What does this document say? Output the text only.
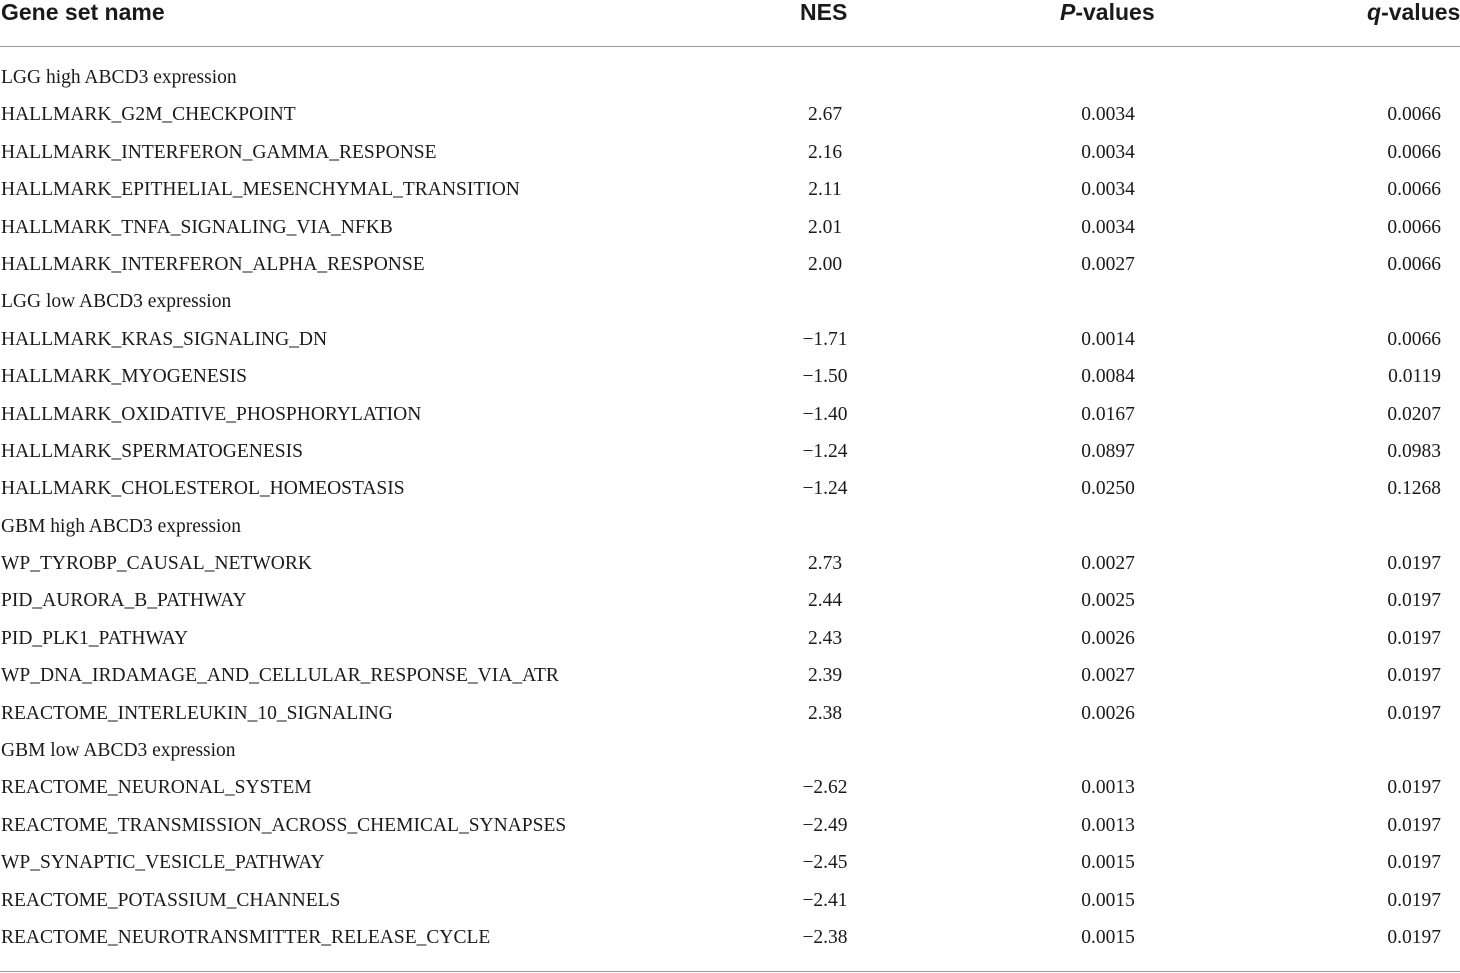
Gene set name	NES	P-values	q-values
LGG high ABCD3 expression
HALLMARK_G2M_CHECKPOINT	2.67	0.0034	0.0066
HALLMARK_INTERFERON_GAMMA_RESPONSE	2.16	0.0034	0.0066
HALLMARK_EPITHELIAL_MESENCHYMAL_TRANSITION	2.11	0.0034	0.0066
HALLMARK_TNFA_SIGNALING_VIA_NFKB	2.01	0.0034	0.0066
HALLMARK_INTERFERON_ALPHA_RESPONSE	2.00	0.0027	0.0066
LGG low ABCD3 expression
HALLMARK_KRAS_SIGNALING_DN	−1.71	0.0014	0.0066
HALLMARK_MYOGENESIS	−1.50	0.0084	0.0119
HALLMARK_OXIDATIVE_PHOSPHORYLATION	−1.40	0.0167	0.0207
HALLMARK_SPERMATOGENESIS	−1.24	0.0897	0.0983
HALLMARK_CHOLESTEROL_HOMEOSTASIS	−1.24	0.0250	0.1268
GBM high ABCD3 expression
WP_TYROBP_CAUSAL_NETWORK	2.73	0.0027	0.0197
PID_AURORA_B_PATHWAY	2.44	0.0025	0.0197
PID_PLK1_PATHWAY	2.43	0.0026	0.0197
WP_DNA_IRDAMAGE_AND_CELLULAR_RESPONSE_VIA_ATR	2.39	0.0027	0.0197
REACTOME_INTERLEUKIN_10_SIGNALING	2.38	0.0026	0.0197
GBM low ABCD3 expression
REACTOME_NEURONAL_SYSTEM	−2.62	0.0013	0.0197
REACTOME_TRANSMISSION_ACROSS_CHEMICAL_SYNAPSES	−2.49	0.0013	0.0197
WP_SYNAPTIC_VESICLE_PATHWAY	−2.45	0.0015	0.0197
REACTOME_POTASSIUM_CHANNELS	−2.41	0.0015	0.0197
REACTOME_NEUROTRANSMITTER_RELEASE_CYCLE	−2.38	0.0015	0.0197
